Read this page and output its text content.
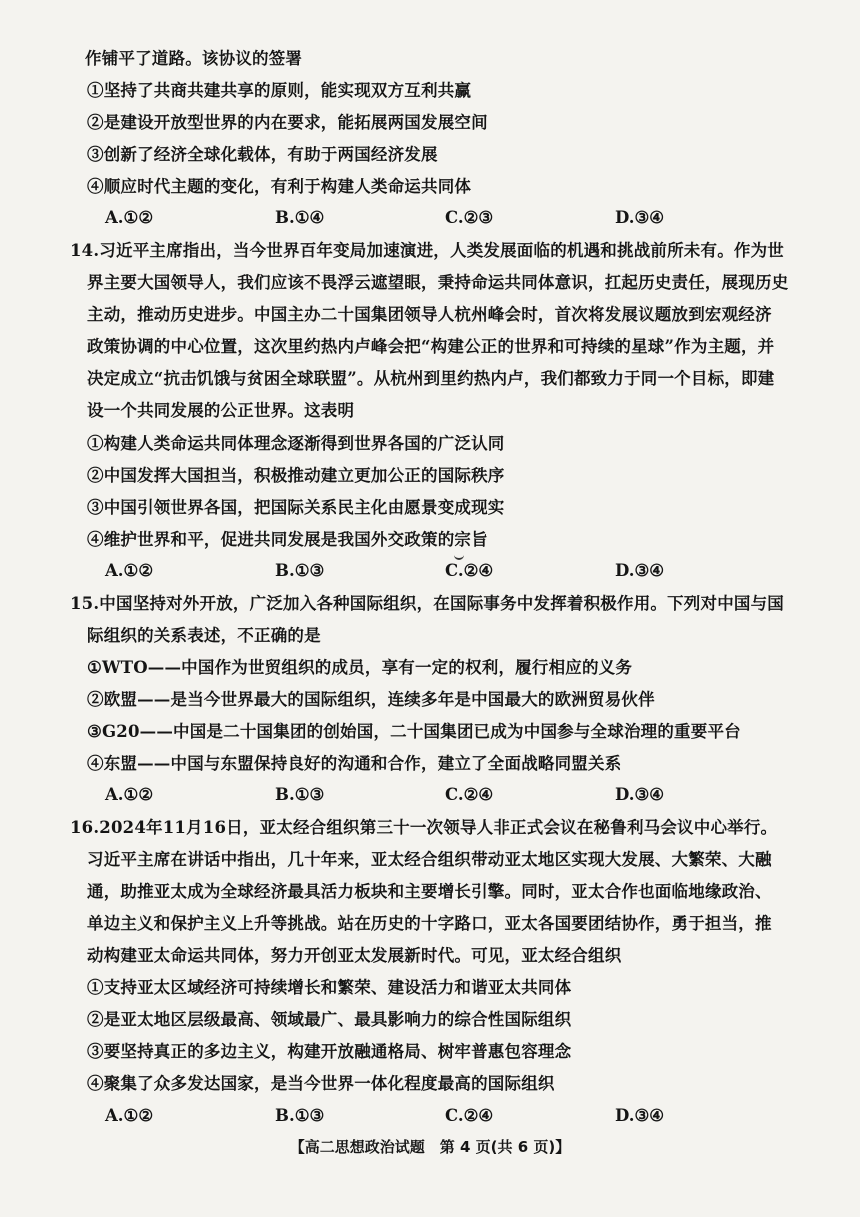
作铺平了道路。该协议的签署
①坚持了共商共建共享的原则，能实现双方互利共赢
②是建设开放型世界的内在要求，能拓展两国发展空间
③创新了经济全球化载体，有助于两国经济发展
④顺应时代主题的变化，有利于构建人类命运共同体
A.①②	B.①④	C.②③	D.③④
14.习近平主席指出，当今世界百年变局加速演进，人类发展面临的机遇和挑战前所未有。作为世
界主要大国领导人，我们应该不畏浮云遮望眼，秉持命运共同体意识，扛起历史责任，展现历史
主动，推动历史进步。中国主办二十国集团领导人杭州峰会时，首次将发展议题放到宏观经济
政策协调的中心位置，这次里约热内卢峰会把“构建公正的世界和可持续的星球”作为主题，并
决定成立“抗击饥饿与贫困全球联盟”。从杭州到里约热内卢，我们都致力于同一个目标，即建
设一个共同发展的公正世界。这表明
①构建人类命运共同体理念逐渐得到世界各国的广泛认同
②中国发挥大国担当，积极推动建立更加公正的国际秩序
③中国引领世界各国，把国际关系民主化由愿景变成现实
④维护世界和平，促进共同发展是我国外交政策的宗旨
A.①②	B.①③	C.②④	D.③④
15.中国坚持对外开放，广泛加入各种国际组织，在国际事务中发挥着积极作用。下列对中国与国
际组织的关系表述，不正确的是
①WTO——中国作为世贸组织的成员，享有一定的权利，履行相应的义务
②欧盟——是当今世界最大的国际组织，连续多年是中国最大的欧洲贸易伙伴
③G20——中国是二十国集团的创始国，二十国集团已成为中国参与全球治理的重要平台
④东盟——中国与东盟保持良好的沟通和合作，建立了全面战略同盟关系
A.①②	B.①③	C.②④	D.③④
16.2024年11月16日，亚太经合组织第三十一次领导人非正式会议在秘鲁利马会议中心举行。
习近平主席在讲话中指出，几十年来，亚太经合组织带动亚太地区实现大发展、大繁荣、大融
通，助推亚太成为全球经济最具活力板块和主要增长引擎。同时，亚太合作也面临地缘政治、
单边主义和保护主义上升等挑战。站在历史的十字路口，亚太各国要团结协作，勇于担当，推
动构建亚太命运共同体，努力开创亚太发展新时代。可见，亚太经合组织
①支持亚太区域经济可持续增长和繁荣、建设活力和谐亚太共同体
②是亚太地区层级最高、领域最广、最具影响力的综合性国际组织
③要坚持真正的多边主义，构建开放融通格局、树牢普惠包容理念
④聚集了众多发达国家，是当今世界一体化程度最高的国际组织
A.①②	B.①③	C.②④	D.③④
【高二思想政治试题　第 4 页(共 6 页)】
